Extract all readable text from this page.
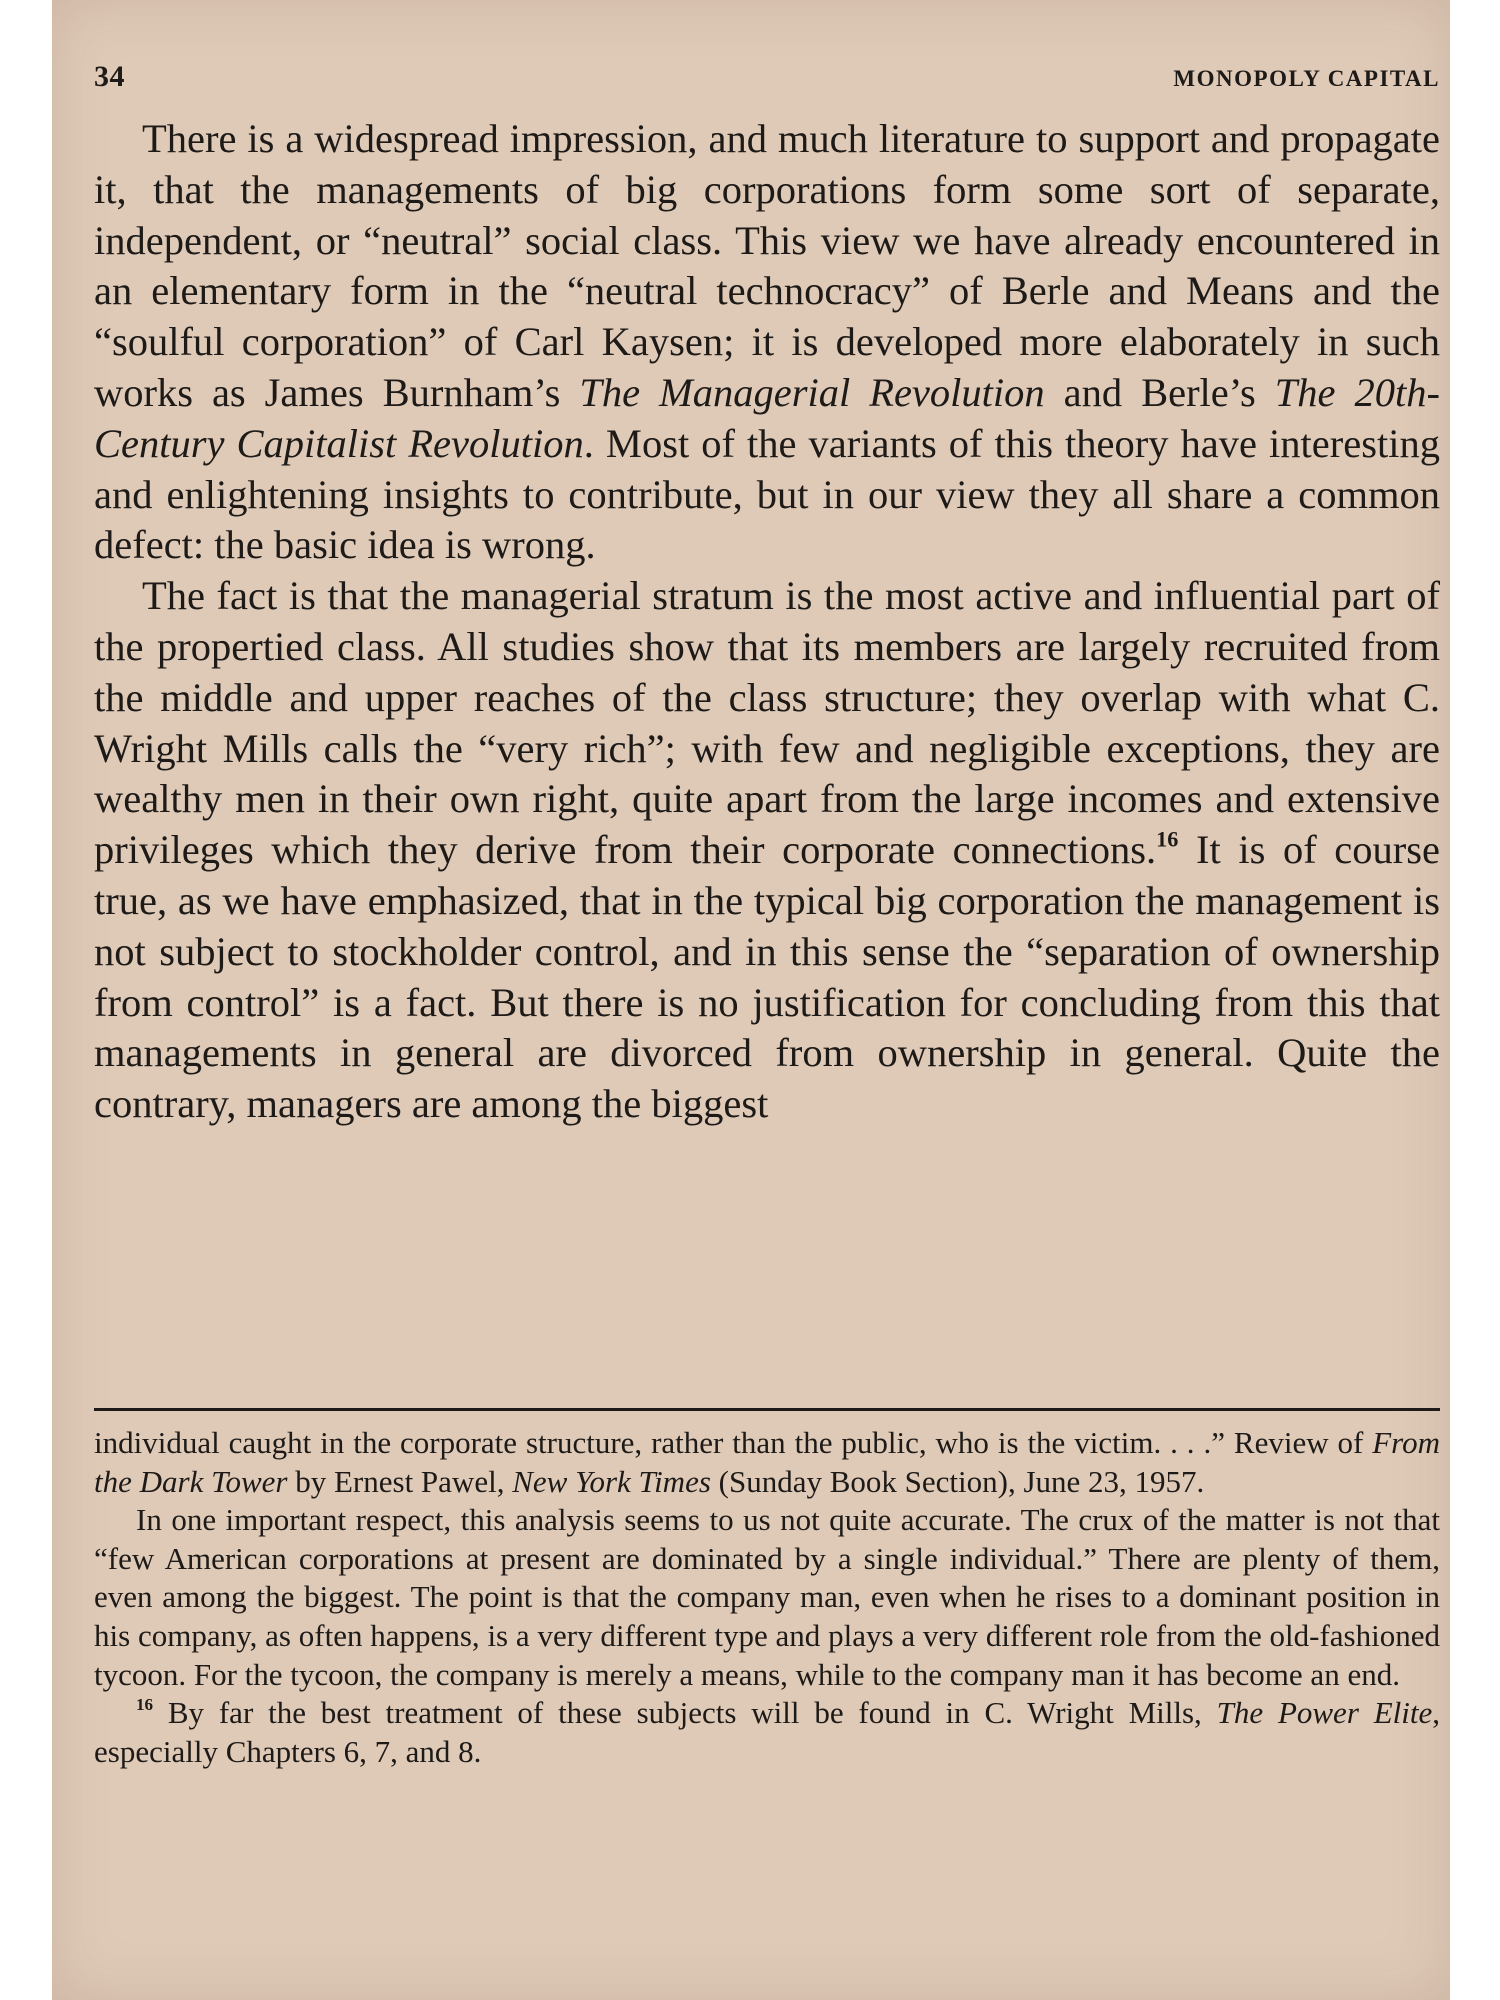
34	MONOPOLY CAPITAL

There is a widespread impression, and much literature to support and propagate it, that the managements of big corporations form some sort of separate, independent, or “neutral” social class. This view we have already encountered in an elementary form in the “neutral technocracy” of Berle and Means and the “soulful corporation” of Carl Kaysen; it is developed more elaborately in such works as James Burnham’s The Managerial Revolution and Berle’s The 20th-Century Capitalist Revolution. Most of the variants of this theory have interesting and enlightening insights to contribute, but in our view they all share a common defect: the basic idea is wrong.

The fact is that the managerial stratum is the most active and influential part of the propertied class. All studies show that its members are largely recruited from the middle and upper reaches of the class structure; they overlap with what C. Wright Mills calls the “very rich”; with few and negligible exceptions, they are wealthy men in their own right, quite apart from the large incomes and extensive privileges which they derive from their corporate connections.$^{16}$ It is of course true, as we have emphasized, that in the typical big corporation the management is not subject to stockholder control, and in this sense the “separation of ownership from control” is a fact. But there is no justification for concluding from this that managements in general are divorced from ownership in general. Quite the contrary, managers are among the biggest

individual caught in the corporate structure, rather than the public, who is the victim. . . .” Review of From the Dark Tower by Ernest Pawel, New York Times (Sunday Book Section), June 23, 1957.

In one important respect, this analysis seems to us not quite accurate. The crux of the matter is not that “few American corporations at present are dominated by a single individual.” There are plenty of them, even among the biggest. The point is that the company man, even when he rises to a dominant position in his company, as often happens, is a very different type and plays a very different role from the old-fashioned tycoon. For the tycoon, the company is merely a means, while to the company man it has become an end.

$^{16}$ By far the best treatment of these subjects will be found in C. Wright Mills, The Power Elite, especially Chapters 6, 7, and 8.
